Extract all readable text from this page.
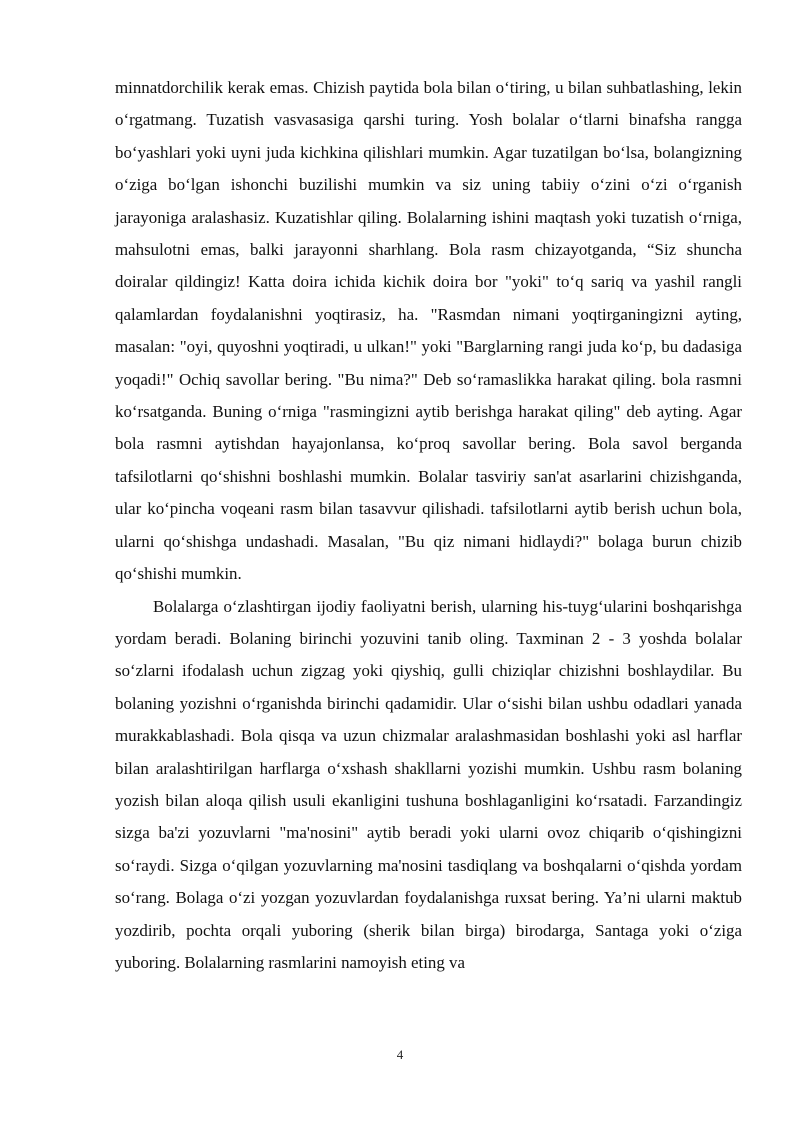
minnatdorchilik kerak emas. Chizish paytida bola bilan o‘tiring, u bilan suhbatlashing, lekin o‘rgatmang. Tuzatish vasvasasiga qarshi turing. Yosh bolalar o‘tlarni binafsha rangga bo‘yashlari yoki uyni juda kichkina qilishlari mumkin. Agar tuzatilgan bo‘lsa, bolangizning o‘ziga bo‘lgan ishonchi buzilishi mumkin va siz uning tabiiy o‘zini o‘zi o‘rganish jarayoniga aralashasiz. Kuzatishlar qiling. Bolalarning ishini maqtash yoki tuzatish o‘rniga, mahsulotni emas, balki jarayonni sharhlang. Bola rasm chizayotganda, “Siz shuncha doiralar qildingiz! Katta doira ichida kichik doira bor "yoki" to‘q sariq va yashil rangli qalamlardan foydalanishni yoqtirasiz, ha. "Rasmdan nimani yoqtirganingizni ayting, masalan: "oyi, quyoshni yoqtiradi, u ulkan!" yoki "Barglarning rangi juda ko‘p, bu dadasiga yoqadi!" Ochiq savollar bering. "Bu nima?" Deb so‘ramaslikka harakat qiling. bola rasmni ko‘rsatganda. Buning o‘rniga "rasmingizni aytib berishga harakat qiling" deb ayting. Agar bola rasmni aytishdan hayajonlansa, ko‘proq savollar bering. Bola savol berganda tafsilotlarni qo‘shishni boshlashi mumkin. Bolalar tasviriy san'at asarlarini chizishganda, ular ko‘pincha voqeani rasm bilan tasavvur qilishadi. tafsilotlarni aytib berish uchun bola, ularni qo‘shishga undashadi. Masalan, "Bu qiz nimani hidlaydi?" bolaga burun chizib qo‘shishi mumkin.

Bolalarga o‘zlashtirgan ijodiy faoliyatni berish, ularning his-tuyg‘ularini boshqarishga yordam beradi. Bolaning birinchi yozuvini tanib oling. Taxminan 2 - 3 yoshda bolalar so‘zlarni ifodalash uchun zigzag yoki qiyshiq, gulli chiziqlar chizishni boshlaydilar. Bu bolaning yozishni o‘rganishda birinchi qadamidir. Ular o‘sishi bilan ushbu odadlari yanada murakkablashadi. Bola qisqa va uzun chizmalar aralashmasidan boshlashi yoki asl harflar bilan aralashtirilgan harflarga o‘xshash shakllarni yozishi mumkin. Ushbu rasm bolaning yozish bilan aloqa qilish usuli ekanligini tushuna boshlaganligini ko‘rsatadi. Farzandingiz sizga ba'zi yozuvlarni "ma'nosini" aytib beradi yoki ularni ovoz chiqarib o‘qishingizni so‘raydi. Sizga o‘qilgan yozuvlarning ma'nosini tasdiqlang va boshqalarni o‘qishda yordam so‘rang. Bolaga o‘zi yozgan yozuvlardan foydalanishga ruxsat bering. Ya’ni ularni maktub yozdirib, pochta orqali yuboring (sherik bilan birga) birodarga, Santaga yoki o‘ziga yuboring. Bolalarning rasmlarini namoyish eting va

4
